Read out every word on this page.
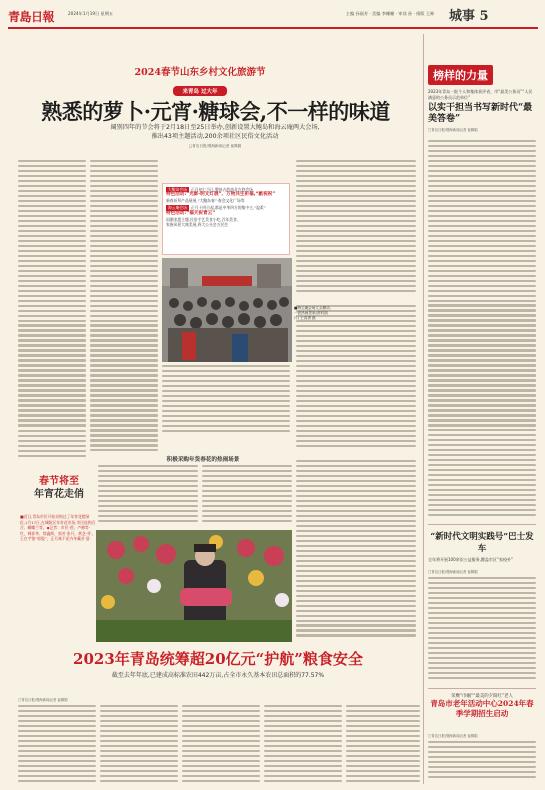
青島日報	2024年1月19日 星期五	主编 孙丽芳 · 美编 李姗姗 · 审读 孙 · 排版 王帅	城事 5
2024春节山东乡村文化旅游节
来青岛 过大年
熟悉的萝卜·元宵·糖球会,不一样的味道
阔别四年的节会将于2月18日至25日举办,创新设置大鲍岛和海云庵两大会场,
推出43项主题活动,200余项社区民俗文化活动
□青岛日报/观海新闻记者 崔佩娟
大鲍岛会场 正月初七当日,整体古韵南北古巷会场
特色活动:“光影·明文灯展”、万物共生祈福,“献祝祝”
新春祈拜产品展展,“大鲍岛春”·春会文化广场等
海云庵会场 正月十四日起,都是中华四方的集中主,“温柔”
特色活动:“福天祝青云”
国潮非遗主题,民俗手艺美食小吃,百年美食,
家族风景大典美展,四大公头会万民会
■海云庵会场人头攒动,一派热闹景象(资料图片) 王春勇 摄
春节将至
年宵花走俏
■近日,青岛市民开始采购过了年宵花摆绿化,1月17日,在城阳区年宵花市场,市民选购百合、蝴蝶兰等。◆记者：市民·图，卢赫等·红，韩祥华、徐鑫辉，郭芳·张开，黄芝·芽·，王在宇鉴“郭俊”，正月寓不花卉冬藏芳·夏·
积极采购年货春花的热闹场景
2023年青岛统筹超20亿元“护航”粮食安全
截至去年年底,已建成高标准农田442万亩,占全市永久基本农田总面积的77.57%
□青岛日报/观海新闻记者 崔佩娟
榜样的力量
2023年青岛一批个人和集体获评省、市“最美公务员”“人民满意的公务员示范单位”
以实干担当书写新时代“最美答卷”
□青岛日报/观海新闻记者 崔佩娟
“新时代文明实践号”巴士发车
全年将开展100余次公益服务,覆盖市区“家校外”
□青岛日报/观海新闻记者 崔佩娟
荣膺“巾帼”“最美的夕阳红”老人
青岛市老年活动中心2024年春季学期招生启动
□青岛日报/观海新闻记者 崔佩娟
